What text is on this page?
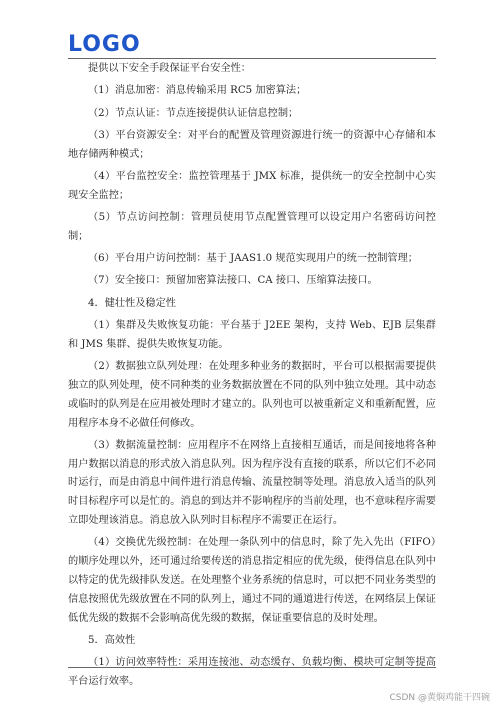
LOGO

提供以下安全手段保证平台安全性：

（1）消息加密：消息传输采用 RC5 加密算法；

（2）节点认证：节点连接提供认证信息控制；

（3）平台资源安全：对平台的配置及管理资源进行统一的资源中心存储和本地存储两种模式；

（4）平台监控安全：监控管理基于 JMX 标准，提供统一的安全控制中心实现安全监控；

（5）节点访问控制：管理员使用节点配置管理可以设定用户名密码访问控制；

（6）平台用户访问控制：基于 JAAS1.0 规范实现用户的统一控制管理；

（7）安全接口：预留加密算法接口、CA 接口、压缩算法接口。

4．健壮性及稳定性

（1）集群及失败恢复功能：平台基于 J2EE 架构，支持 Web、EJB 层集群和 JMS 集群、提供失败恢复功能。

（2）数据独立队列处理：在处理多种业务的数据时，平台可以根据需要提供独立的队列处理，使不同种类的业务数据放置在不同的队列中独立处理。其中动态或临时的队列是在应用被处理时才建立的。队列也可以被重新定义和重新配置，应用程序本身不必做任何修改。

（3）数据流量控制：应用程序不在网络上直接相互通话，而是间接地将各种用户数据以消息的形式放入消息队列。因为程序没有直接的联系，所以它们不必同时运行，而是由消息中间件进行消息传输、流量控制等处理。消息放入适当的队列时目标程序可以是忙的。消息的到达并不影响程序的当前处理，也不意味程序需要立即处理该消息。消息放入队列时目标程序不需要正在运行。

（4）交换优先级控制：在处理一条队列中的信息时，除了先入先出（FIFO）的顺序处理以外，还可通过给要传送的消息指定相应的优先级，使得信息在队列中以特定的优先级排队发送。在处理整个业务系统的信息时，可以把不同业务类型的信息按照优先级放置在不同的队列上，通过不同的通道进行传送，在网络层上保证低优先级的数据不会影响高优先级的数据，保证重要信息的及时处理。

5．高效性

（1）访问效率特性：采用连接池、动态缓存、负载均衡、模块可定制等提高平台运行效率。

CSDN @黄焖鸡能干四碗
